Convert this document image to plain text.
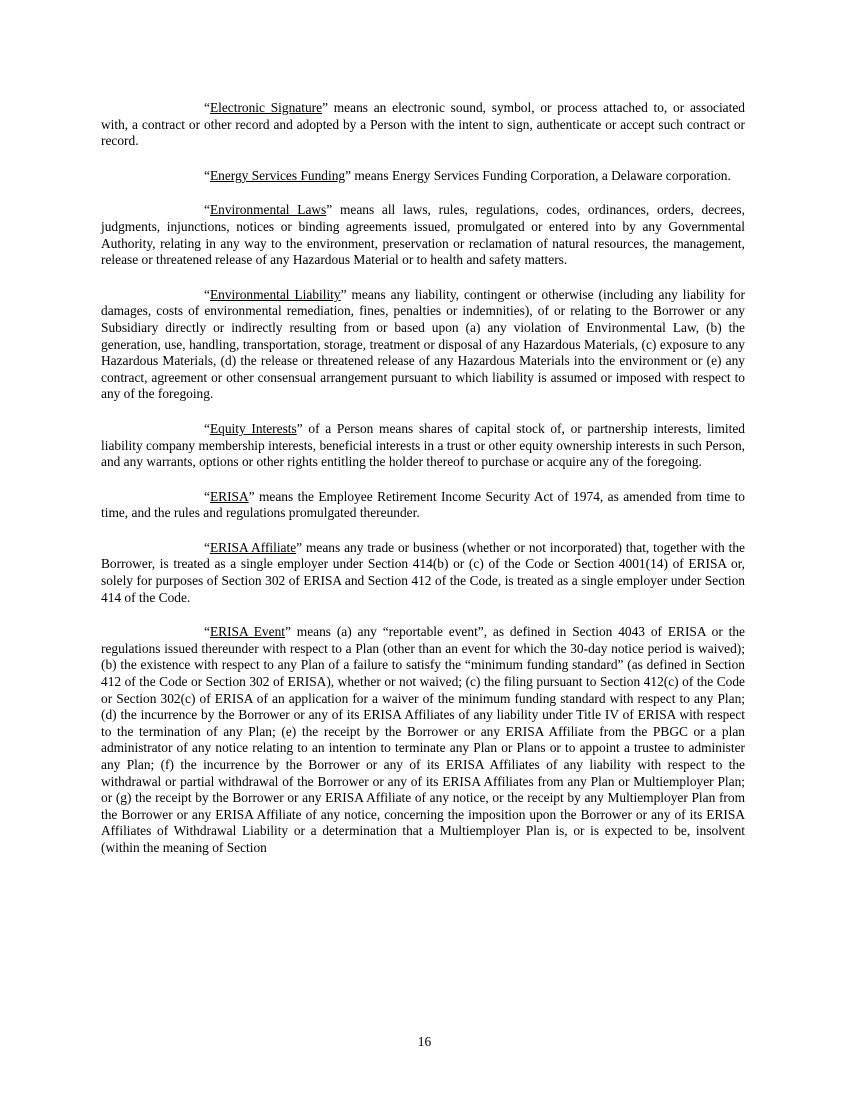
“Electronic Signature” means an electronic sound, symbol, or process attached to, or associated with, a contract or other record and adopted by a Person with the intent to sign, authenticate or accept such contract or record.

“Energy Services Funding” means Energy Services Funding Corporation, a Delaware corporation.

“Environmental Laws” means all laws, rules, regulations, codes, ordinances, orders, decrees, judgments, injunctions, notices or binding agreements issued, promulgated or entered into by any Governmental Authority, relating in any way to the environment, preservation or reclamation of natural resources, the management, release or threatened release of any Hazardous Material or to health and safety matters.

“Environmental Liability” means any liability, contingent or otherwise (including any liability for damages, costs of environmental remediation, fines, penalties or indemnities), of or relating to the Borrower or any Subsidiary directly or indirectly resulting from or based upon (a) any violation of Environmental Law, (b) the generation, use, handling, transportation, storage, treatment or disposal of any Hazardous Materials, (c) exposure to any Hazardous Materials, (d) the release or threatened release of any Hazardous Materials into the environment or (e) any contract, agreement or other consensual arrangement pursuant to which liability is assumed or imposed with respect to any of the foregoing.

“Equity Interests” of a Person means shares of capital stock of, or partnership interests, limited liability company membership interests, beneficial interests in a trust or other equity ownership interests in such Person, and any warrants, options or other rights entitling the holder thereof to purchase or acquire any of the foregoing.

“ERISA” means the Employee Retirement Income Security Act of 1974, as amended from time to time, and the rules and regulations promulgated thereunder.

“ERISA Affiliate” means any trade or business (whether or not incorporated) that, together with the Borrower, is treated as a single employer under Section 414(b) or (c) of the Code or Section 4001(14) of ERISA or, solely for purposes of Section 302 of ERISA and Section 412 of the Code, is treated as a single employer under Section 414 of the Code.

“ERISA Event” means (a) any “reportable event”, as defined in Section 4043 of ERISA or the regulations issued thereunder with respect to a Plan (other than an event for which the 30-day notice period is waived); (b) the existence with respect to any Plan of a failure to satisfy the “minimum funding standard” (as defined in Section 412 of the Code or Section 302 of ERISA), whether or not waived; (c) the filing pursuant to Section 412(c) of the Code or Section 302(c) of ERISA of an application for a waiver of the minimum funding standard with respect to any Plan; (d) the incurrence by the Borrower or any of its ERISA Affiliates of any liability under Title IV of ERISA with respect to the termination of any Plan; (e) the receipt by the Borrower or any ERISA Affiliate from the PBGC or a plan administrator of any notice relating to an intention to terminate any Plan or Plans or to appoint a trustee to administer any Plan; (f) the incurrence by the Borrower or any of its ERISA Affiliates of any liability with respect to the withdrawal or partial withdrawal of the Borrower or any of its ERISA Affiliates from any Plan or Multiemployer Plan; or (g) the receipt by the Borrower or any ERISA Affiliate of any notice, or the receipt by any Multiemployer Plan from the Borrower or any ERISA Affiliate of any notice, concerning the imposition upon the Borrower or any of its ERISA Affiliates of Withdrawal Liability or a determination that a Multiemployer Plan is, or is expected to be, insolvent (within the meaning of Section

16
